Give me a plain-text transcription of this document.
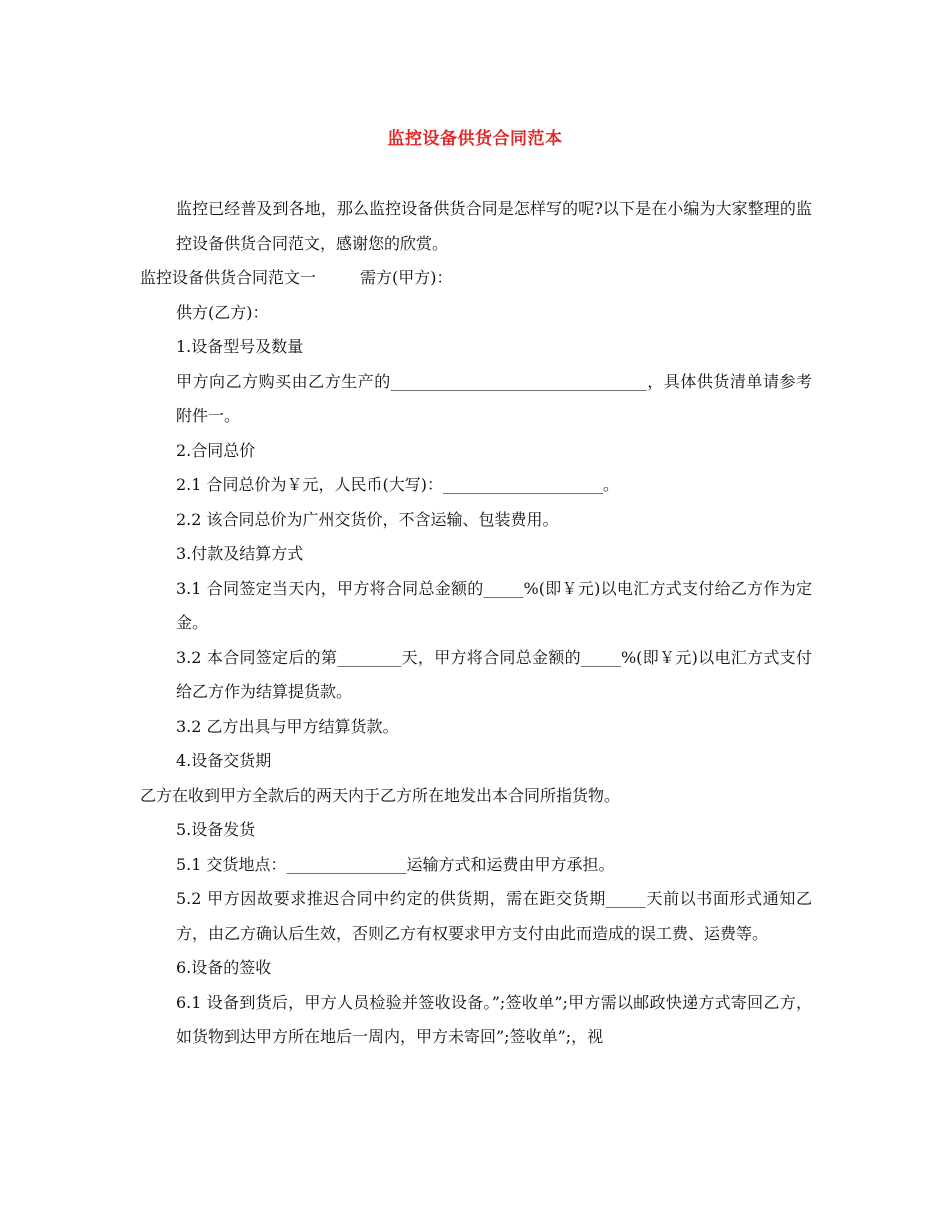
监控设备供货合同范本

监控已经普及到各地，那么监控设备供货合同是怎样写的呢?以下是在小编为大家整理的监控设备供货合同范文，感谢您的欣赏。

监控设备供货合同范文一	需方(甲方)：

供方(乙方)：

1.设备型号及数量

甲方向乙方购买由乙方生产的________________________________，具体供货清单请参考附件一。

2.合同总价

2.1 合同总价为￥元，人民币(大写)：____________________。

2.2 该合同总价为广州交货价，不含运输、包装费用。

3.付款及结算方式

3.1 合同签定当天内，甲方将合同总金额的_____%(即￥元)以电汇方式支付给乙方作为定金。

3.2 本合同签定后的第________天，甲方将合同总金额的_____%(即￥元)以电汇方式支付给乙方作为结算提货款。

3.2 乙方出具与甲方结算货款。

4.设备交货期

乙方在收到甲方全款后的两天内于乙方所在地发出本合同所指货物。

5.设备发货

5.1 交货地点：_______________运输方式和运费由甲方承担。

5.2 甲方因故要求推迟合同中约定的供货期，需在距交货期_____天前以书面形式通知乙方，由乙方确认后生效，否则乙方有权要求甲方支付由此而造成的误工费、运费等。

6.设备的签收

6.1 设备到货后，甲方人员检验并签收设备。”;签收单”;甲方需以邮政快递方式寄回乙方，如货物到达甲方所在地后一周内，甲方未寄回”;签收单”;，视
